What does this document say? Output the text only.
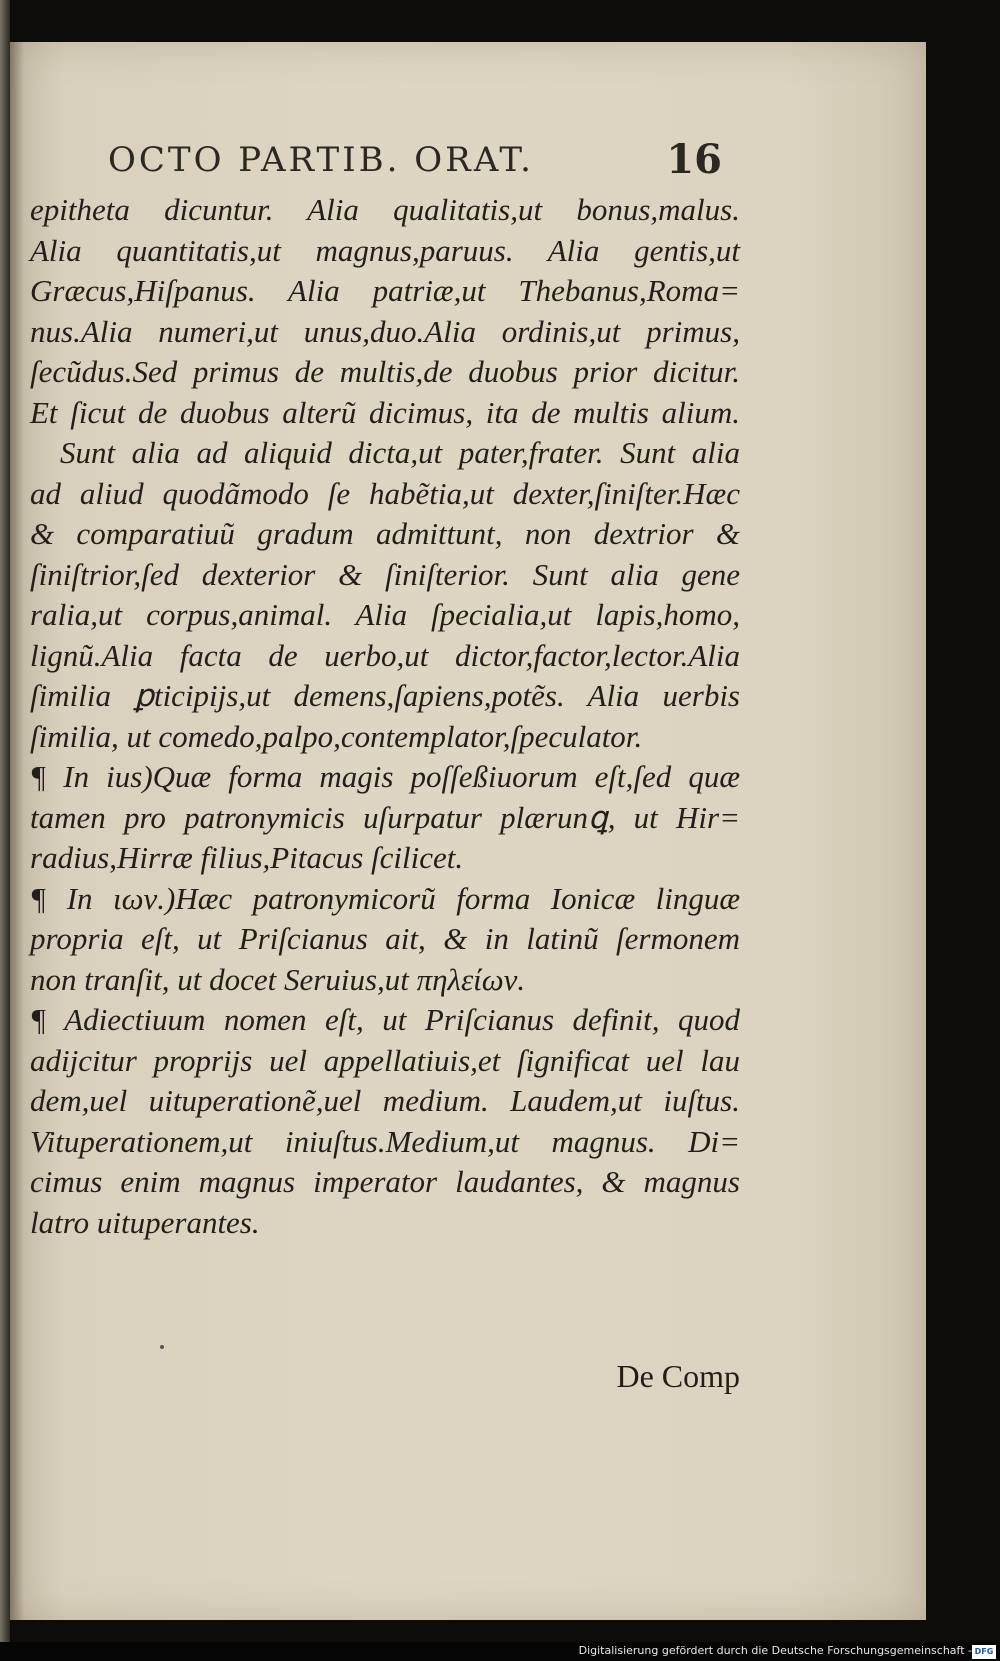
OCTO PARTIB. ORAT.	16
epitheta dicuntur. Alia qualitatis,ut bonus,malus.
Alia quantitatis,ut magnus,paruus. Alia gentis,ut
Græcus,Hiſpanus. Alia patriæ,ut Thebanus,Roma=
nus.Alia numeri,ut unus,duo.Alia ordinis,ut primus,
ſecũdus.Sed primus de multis,de duobus prior dicitur.
Et ſicut de duobus alterũ dicimus, ita de multis alium.
Sunt alia ad aliquid dicta,ut pater,frater. Sunt alia
ad aliud quodãmodo ſe habẽtia,ut dexter,ſiniſter.Hæc
& comparatiuũ gradum admittunt, non dextrior &
ſiniſtrior,ſed dexterior & ſiniſterior. Sunt alia gene
ralia,ut corpus,animal. Alia ſpecialia,ut lapis,homo,
lignũ.Alia facta de uerbo,ut dictor,factor,lector.Alia
ſimilia ꝑticipijs,ut demens,ſapiens,potẽs. Alia uerbis
ſimilia, ut comedo,palpo,contemplator,ſpeculator.
¶ In ius)Quæ forma magis poſſeßiuorum eſt,ſed quæ
tamen pro patronymicis uſurpatur plærunꝗ, ut Hir=
radius,Hirræ filius,Pitacus ſcilicet.
¶ In ιων.)Hæc patronymicorũ forma Ionicæ linguæ
propria eſt, ut Priſcianus ait, & in latinũ ſermonem
non tranſit, ut docet Seruius,ut πηλείων.
¶ Adiectiuum nomen eſt, ut Priſcianus definit, quod
adijcitur proprijs uel appellatiuis,et ſignificat uel lau
dem,uel uituperationẽ,uel medium. Laudem,ut iuſtus.
Vituperationem,ut iniuſtus.Medium,ut magnus. Di=
cimus enim magnus imperator laudantes, & magnus
latro uituperantes.
De Comp
Digitalisierung gefördert durch die Deutsche Forschungsgemeinschaft - DFG
